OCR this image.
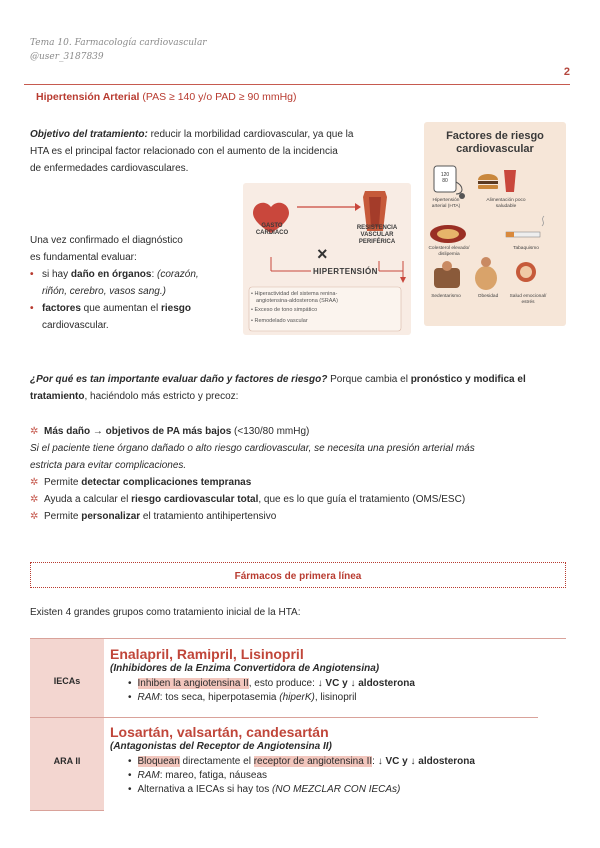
Tema 10. Farmacología cardiovascular
@user_3187839
2
Hipertensión Arterial (PAS ≥ 140 y/o PAD ≥ 90 mmHg)
Objetivo del tratamiento: reducir la morbilidad cardiovascular, ya que la
HTA es el principal factor relacionado con el aumento de la incidencia
de enfermedades cardiovasculares.
Una vez confirmado el diagnóstico
es fundamental evaluar:
• si hay daño en órganos: (corazón,
riñón, cerebro, vasos sang.)
• factores que aumentan el riesgo
cardiovascular.
GASTO
CARDIACO
RESISTENCIA
VASCULAR
PERIFÉRICA
×
HIPERTENSIÓN
• Hiperactividad del sistema renina-
angiotensina-aldosterona (SRAA)
• Exceso de tono simpático
• Remodelado vascular
Factores de riesgo
cardiovascular
120 80
Hipertensión arterial (HTA)
Alimentación poco saludable
Colesterol elevado/ dislipemia
Tabaquismo
Sedentarismo	Obesidad	Salud emocional/ estrés
¿Por qué es tan importante evaluar daño y factores de riesgo? Porque cambia el pronóstico y modifica el
tratamiento, haciéndolo más estricto y precoz:
✲ Más daño → objetivos de PA más bajos (<130/80 mmHg)
Si el paciente tiene órgano dañado o alto riesgo cardiovascular, se necesita una presión arterial más
estricta para evitar complicaciones.
✲ Permite detectar complicaciones tempranas
✲ Ayuda a calcular el riesgo cardiovascular total, que es lo que guía el tratamiento (OMS/ESC)
✲ Permite personalizar el tratamiento antihipertensivo
Fármacos de primera línea
Existen 4 grandes grupos como tratamiento inicial de la HTA:
IECAs
ARA II
Enalapril, Ramipril, Lisinopril
(Inhibidores de la Enzima Convertidora de Angiotensina)
• Inhiben la angiotensina II, esto produce: ↓ VC y ↓ aldosterona
• RAM: tos seca, hiperpotasemia (hiperK), lisinopril
Losartán, valsartán, candesartán
(Antagonistas del Receptor de Angiotensina II)
• Bloquean directamente el receptor de angiotensina II: ↓ VC y ↓ aldosterona
• RAM: mareo, fatiga, náuseas
• Alternativa a IECAs si hay tos (NO MEZCLAR CON IECAs)
